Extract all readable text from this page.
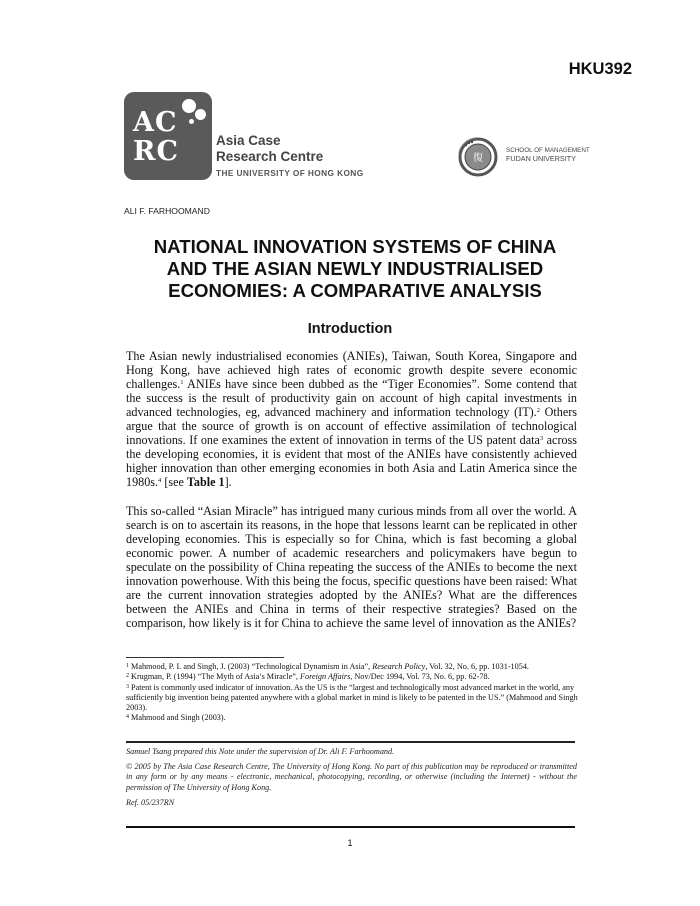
HKU392
AC
RC	Asia Case
Research Centre
THE UNIVERSITY OF HONG KONG
復
SCHOOL OF MANAGEMENT
FUDAN UNIVERSITY
ALI F. FARHOOMAND
NATIONAL INNOVATION SYSTEMS OF CHINA
AND THE ASIAN NEWLY INDUSTRIALISED
ECONOMIES: A COMPARATIVE ANALYSIS
Introduction
The Asian newly industrialised economies (ANIEs), Taiwan, South Korea, Singapore and Hong Kong, have achieved high rates of economic growth despite severe economic challenges.$^1$ ANIEs have since been dubbed as the “Tiger Economies”. Some contend that the success is the result of productivity gain on account of high capital investments in advanced technologies, eg, advanced machinery and information technology (IT).$^2$ Others argue that the source of growth is on account of effective assimilation of technological innovations. If one examines the extent of innovation in terms of the US patent data$^3$ across the developing economies, it is evident that most of the ANIEs have consistently achieved higher innovation than other emerging economies in both Asia and Latin America since the 1980s.$^4$ [see Table 1].
This so-called “Asian Miracle” has intrigued many curious minds from all over the world. A search is on to ascertain its reasons, in the hope that lessons learnt can be replicated in other developing economies. This is especially so for China, which is fast becoming a global economic power. A number of academic researchers and policymakers have begun to speculate on the possibility of China repeating the success of the ANIEs to become the next innovation powerhouse. With this being the focus, specific questions have been raised: What are the current innovation strategies adopted by the ANIEs? What are the differences between the ANIEs and China in terms of their respective strategies? Based on the comparison, how likely is it for China to achieve the same level of innovation as the ANIEs?
$^1$ Mahmood, P. I. and Singh, J. (2003) “Technological Dynamism in Asia”, Research Policy, Vol. 32, No. 6, pp. 1031-1054.
$^2$ Krugman, P. (1994) “The Myth of Asia’s Miracle”, Foreign Affairs, Nov/Dec 1994, Vol. 73, No. 6, pp. 62-78.
$^3$ Patent is commonly used indicator of innovation. As the US is the “largest and technologically most advanced market in the world, any sufficiently big invention being patented anywhere with a global market in mind is likely to be patented in the US.” (Mahmood and Singh 2003).
$^4$ Mahmood and Singh (2003).

Samuel Tsang prepared this Note under the supervision of Dr. Ali F. Farhoomand.

© 2005 by The Asia Case Research Centre, The University of Hong Kong. No part of this publication may be reproduced or transmitted in any form or by any means - electronic, mechanical, photocopying, recording, or otherwise (including the Internet) - without the permission of The University of Hong Kong.

Ref. 05/237RN

1
